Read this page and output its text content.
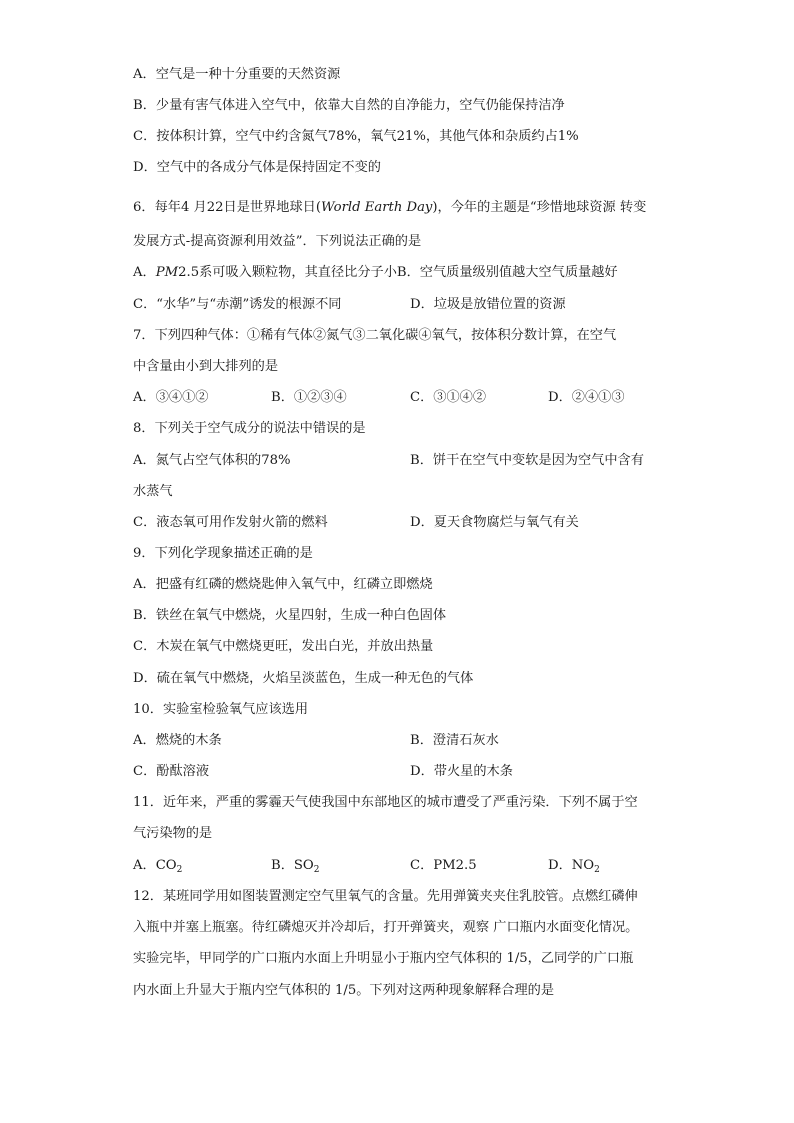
A．空气是一种十分重要的天然资源
B．少量有害气体进入空气中，依靠大自然的自净能力，空气仍能保持洁净
C．按体积计算，空气中约含氮气78%，氧气21%，其他气体和杂质约占1%
D．空气中的各成分气体是保持固定不变的
6．每年4 月22日是世界地球日(World Earth Day)，今年的主题是“珍惜地球资源 转变
发展方式-提高资源利用效益”．下列说法正确的是
A．PM2.5系可吸入颗粒物，其直径比分子小B．空气质量级别值越大空气质量越好
C．“水华”与“赤潮”诱发的根源不同	D．垃圾是放错位置的资源
7．下列四种气体：①稀有气体②氮气③二氧化碳④氧气，按体积分数计算，在空气
中含量由小到大排列的是
A．③④①②	B．①②③④	C．③①④②	D．②④①③
8．下列关于空气成分的说法中错误的是
A．氮气占空气体积的78%	B．饼干在空气中变软是因为空气中含有
水蒸气
C．液态氧可用作发射火箭的燃料	D．夏天食物腐烂与氧气有关
9．下列化学现象描述正确的是
A．把盛有红磷的燃烧匙伸入氧气中，红磷立即燃烧
B．铁丝在氧气中燃烧，火星四射，生成一种白色固体
C．木炭在氧气中燃烧更旺，发出白光，并放出热量
D．硫在氧气中燃烧，火焰呈淡蓝色，生成一种无色的气体
10．实验室检验氧气应该选用
A．燃烧的木条	B．澄清石灰水
C．酚酞溶液	D．带火星的木条
11．近年来，严重的雾霾天气使我国中东部地区的城市遭受了严重污染．下列不属于空
气污染物的是
A．$CO_2$	B．$SO_2$	C．PM2.5	D．$NO_2$
12．某班同学用如图装置测定空气里氧气的含量。先用弹簧夹夹住乳胶管。点燃红磷伸
入瓶中并塞上瓶塞。待红磷熄灭并冷却后，打开弹簧夹，观察 广口瓶内水面变化情况。
实验完毕，甲同学的广口瓶内水面上升明显小于瓶内空气体积的 1/5，乙同学的广口瓶
内水面上升显大于瓶内空气体积的 1/5。下列对这两种现象解释合理的是
